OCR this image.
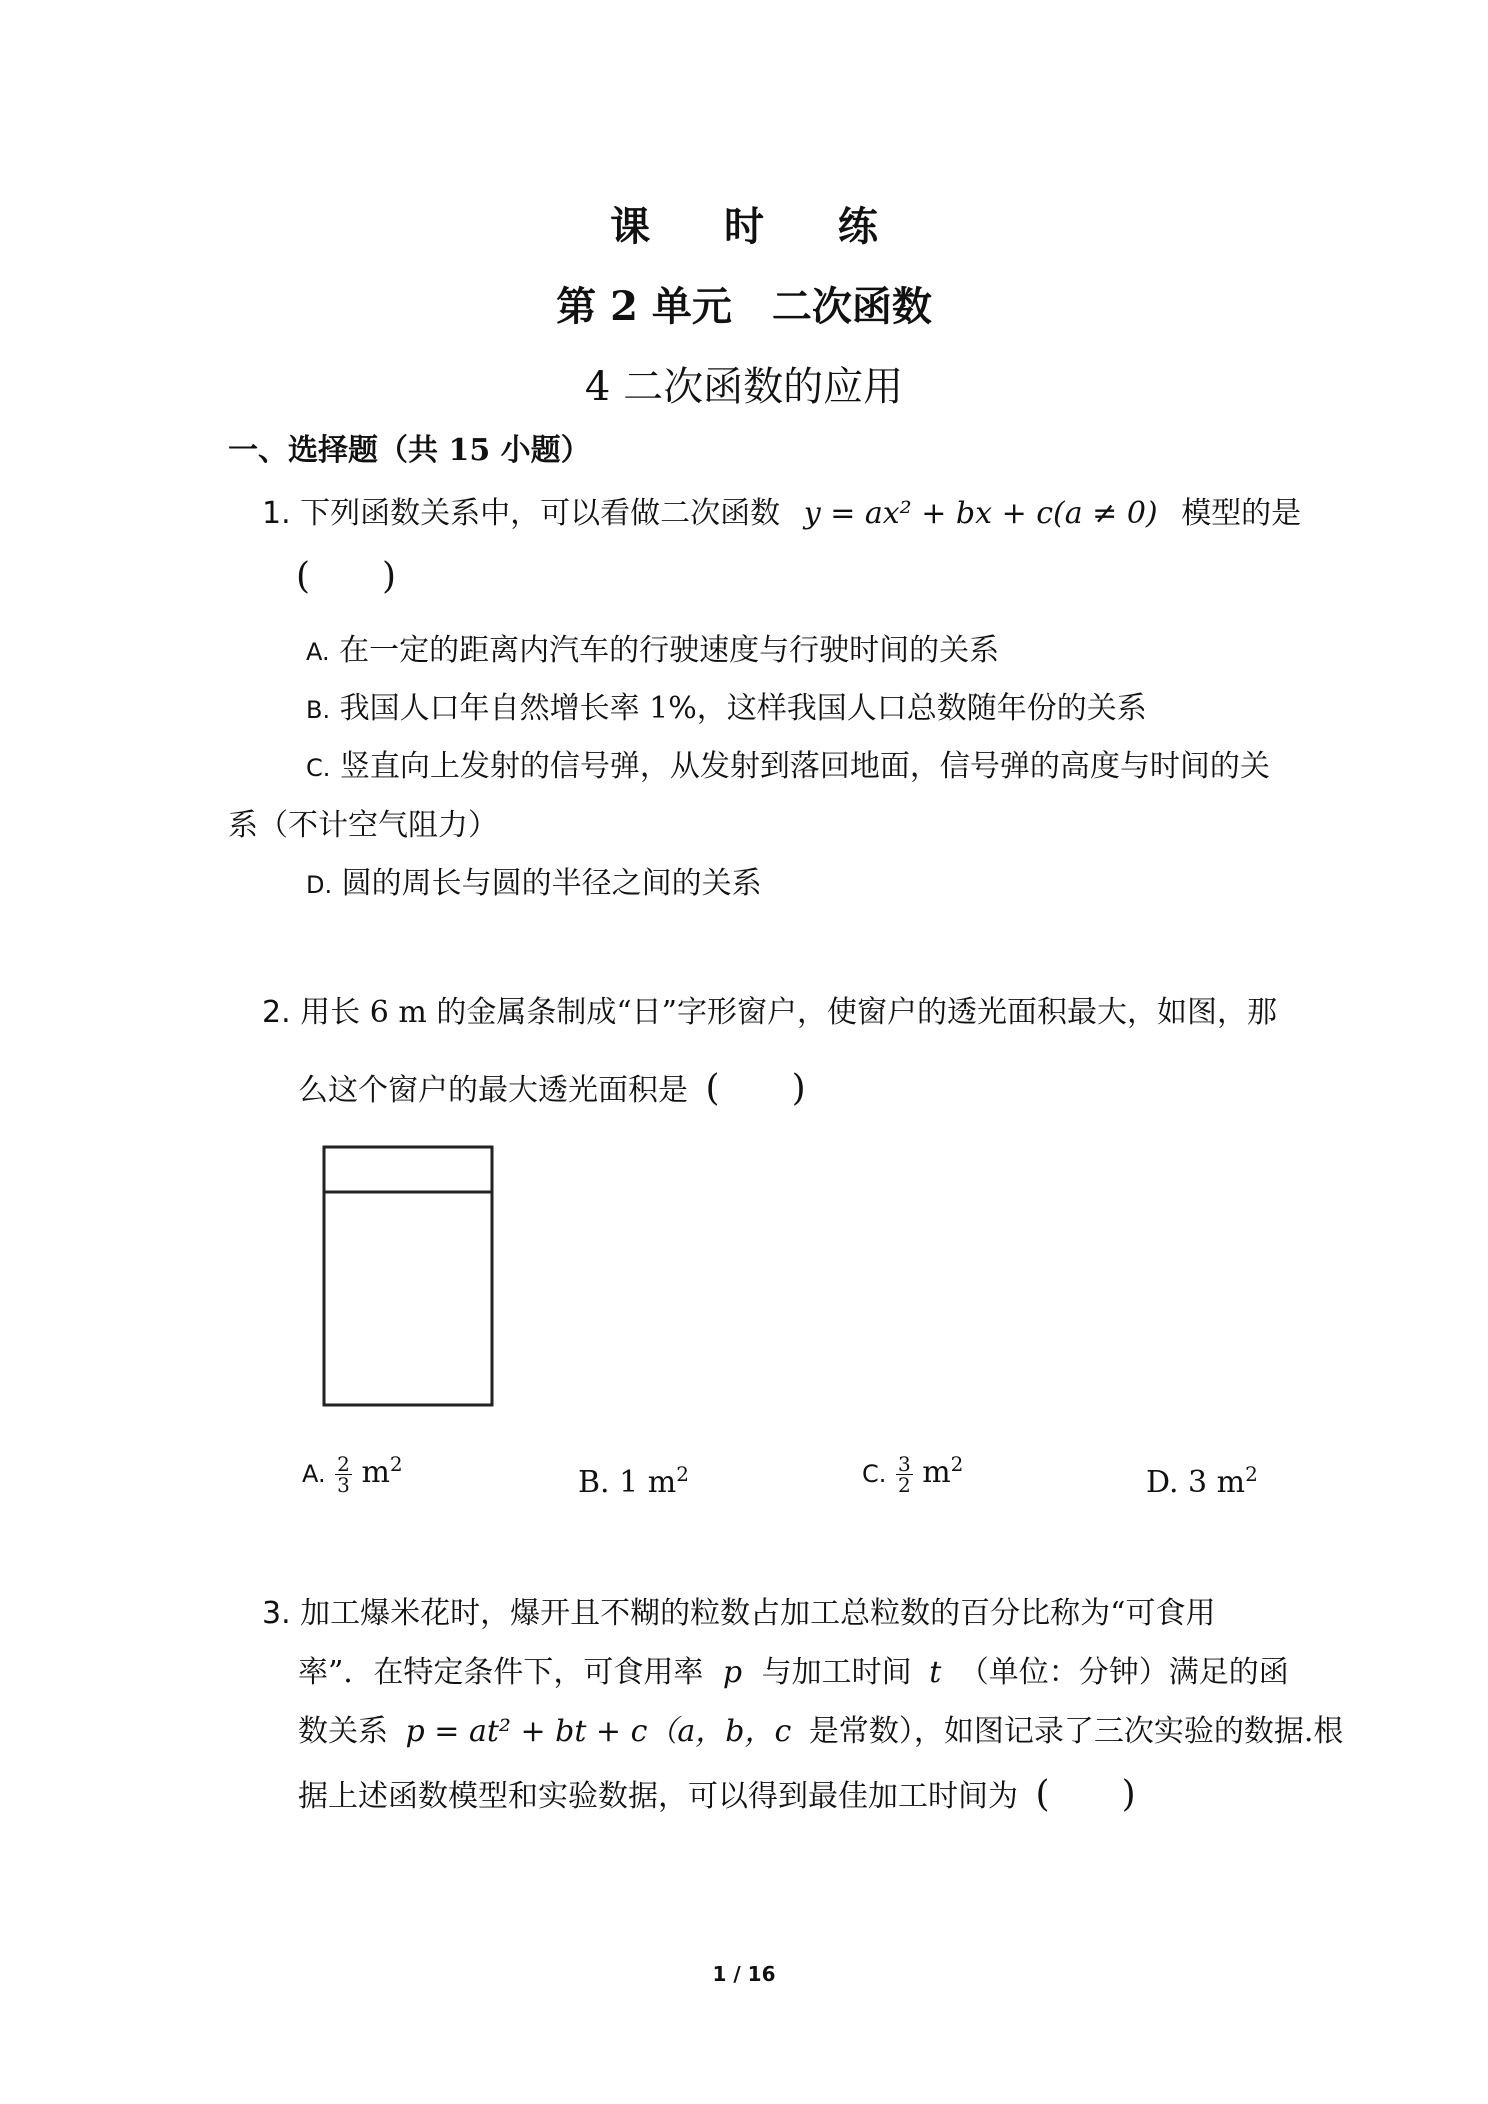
课 时 练
第 2 单元　二次函数
4 二次函数的应用
一、选择题（共 15 小题）
1. 下列函数关系中，可以看做二次函数 y = ax² + bx + c(a ≠ 0) 模型的是
(　　)
A. 在一定的距离内汽车的行驶速度与行驶时间的关系
B. 我国人口年自然增长率 1%，这样我国人口总数随年份的关系
C. 竖直向上发射的信号弹，从发射到落回地面，信号弹的高度与时间的关
系（不计空气阻力）
D. 圆的周长与圆的半径之间的关系
2. 用长 6 m 的金属条制成“日”字形窗户，使窗户的透光面积最大，如图，那
么这个窗户的最大透光面积是 (　　)
A. $\frac{2}{3} m^2$
B. 1 $m^2$	C. $\frac{3}{2} m^2$
D. 3 $m^2$
3. 加工爆米花时，爆开且不糊的粒数占加工总粒数的百分比称为“可食用
率”．在特定条件下，可食用率 p 与加工时间 t （单位：分钟）满足的函
数关系 p = at² + bt + c（a，b，c 是常数），如图记录了三次实验的数据.根
据上述函数模型和实验数据，可以得到最佳加工时间为 (　　)
1 / 16
